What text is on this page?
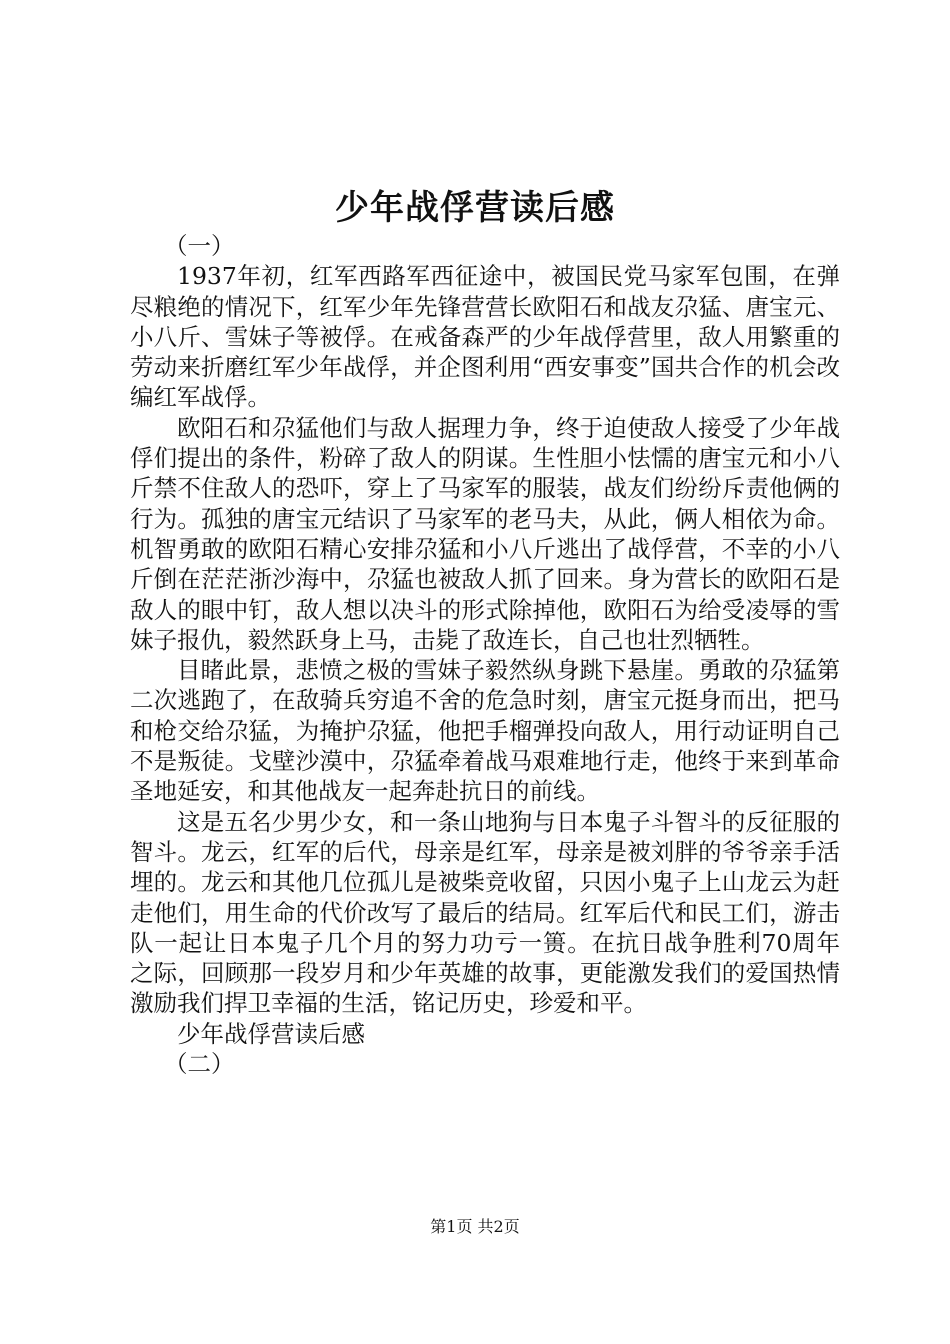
少年战俘营读后感

（一）

1937年初，红军西路军西征途中，被国民党马家军包围，在弹尽粮绝的情况下，红军少年先锋营营长欧阳石和战友尕猛、唐宝元、小八斤、雪妹子等被俘。在戒备森严的少年战俘营里，敌人用繁重的劳动来折磨红军少年战俘，并企图利用“西安事变”国共合作的机会改编红军战俘。

欧阳石和尕猛他们与敌人据理力争，终于迫使敌人接受了少年战俘们提出的条件，粉碎了敌人的阴谋。生性胆小怯懦的唐宝元和小八斤禁不住敌人的恐吓，穿上了马家军的服装，战友们纷纷斥责他俩的行为。孤独的唐宝元结识了马家军的老马夫，从此，俩人相依为命。机智勇敢的欧阳石精心安排尕猛和小八斤逃出了战俘营，不幸的小八斤倒在茫茫浙沙海中，尕猛也被敌人抓了回来。身为营长的欧阳石是敌人的眼中钉，敌人想以决斗的形式除掉他，欧阳石为给受凌辱的雪妹子报仇，毅然跃身上马，击毙了敌连长，自己也壮烈牺牲。

目睹此景，悲愤之极的雪妹子毅然纵身跳下悬崖。勇敢的尕猛第二次逃跑了，在敌骑兵穷追不舍的危急时刻，唐宝元挺身而出，把马和枪交给尕猛，为掩护尕猛，他把手榴弹投向敌人，用行动证明自己不是叛徒。戈壁沙漠中，尕猛牵着战马艰难地行走，他终于来到革命圣地延安，和其他战友一起奔赴抗日的前线。

这是五名少男少女，和一条山地狗与日本鬼子斗智斗的反征服的智斗。龙云，红军的后代，母亲是红军，母亲是被刘胖的爷爷亲手活埋的。龙云和其他几位孤儿是被柴竞收留，只因小鬼子上山龙云为赶走他们，用生命的代价改写了最后的结局。红军后代和民工们，游击队一起让日本鬼子几个月的努力功亏一篑。在抗日战争胜利70周年之际，回顾那一段岁月和少年英雄的故事，更能激发我们的爱国热情激励我们捍卫幸福的生活，铭记历史，珍爱和平。

少年战俘营读后感

（二）

第1页 共2页
